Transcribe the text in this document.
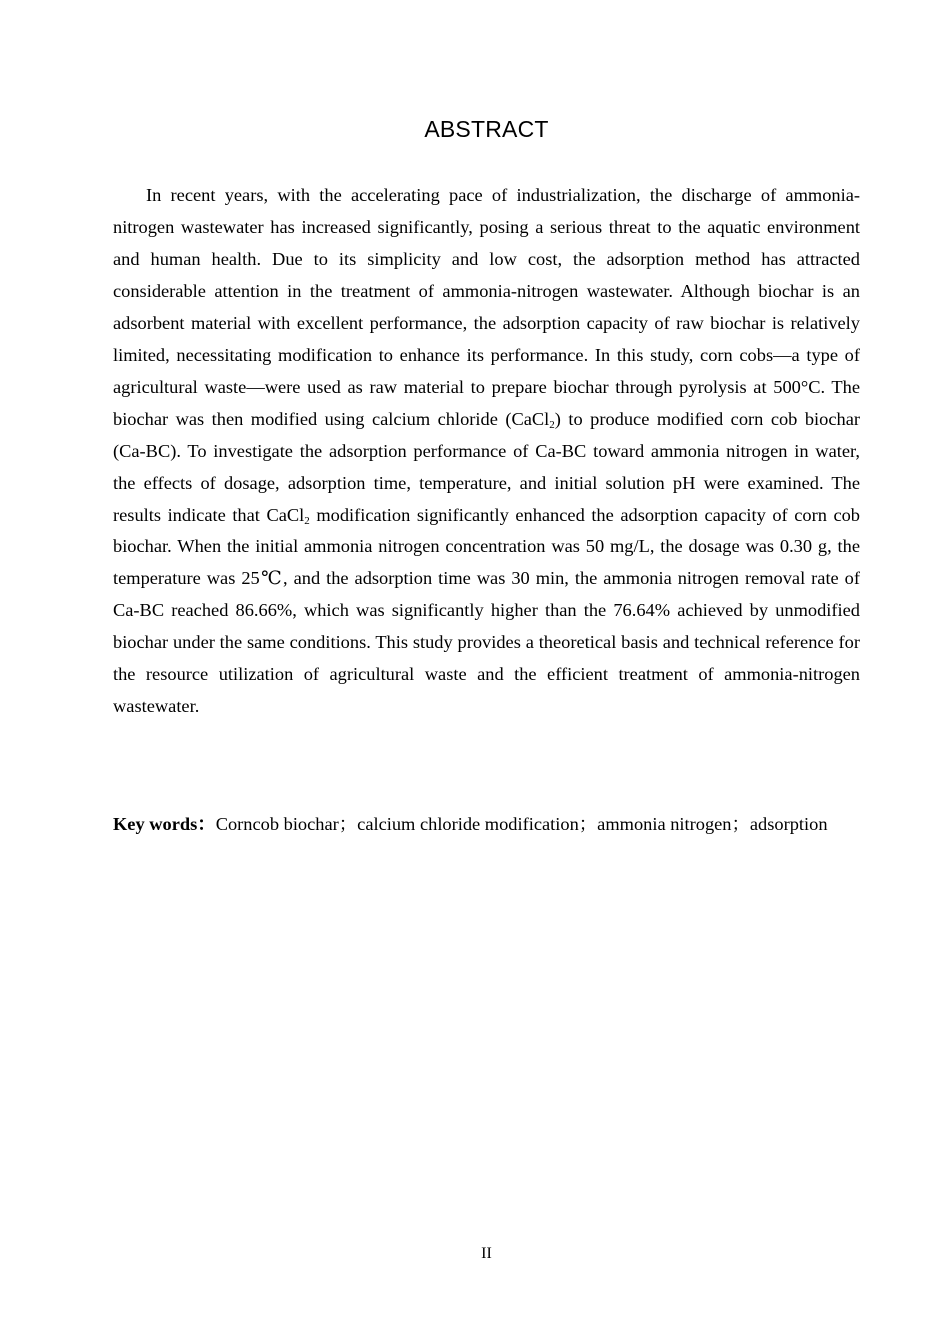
ABSTRACT

In recent years, with the accelerating pace of industrialization, the discharge of ammonia-nitrogen wastewater has increased significantly, posing a serious threat to the aquatic environment and human health. Due to its simplicity and low cost, the adsorption method has attracted considerable attention in the treatment of ammonia-nitrogen wastewater. Although biochar is an adsorbent material with excellent performance, the adsorption capacity of raw biochar is relatively limited, necessitating modification to enhance its performance. In this study, corn cobs—a type of agricultural waste—were used as raw material to prepare biochar through pyrolysis at 500°C. The biochar was then modified using calcium chloride (CaCl$_2$) to produce modified corn cob biochar (Ca-BC). To investigate the adsorption performance of Ca-BC toward ammonia nitrogen in water, the effects of dosage, adsorption time, temperature, and initial solution pH were examined. The results indicate that CaCl$_2$ modification significantly enhanced the adsorption capacity of corn cob biochar. When the initial ammonia nitrogen concentration was 50 mg/L, the dosage was 0.30 g, the temperature was 25℃, and the adsorption time was 30 min, the ammonia nitrogen removal rate of Ca-BC reached 86.66%, which was significantly higher than the 76.64% achieved by unmodified biochar under the same conditions. This study provides a theoretical basis and technical reference for the resource utilization of agricultural waste and the efficient treatment of ammonia-nitrogen wastewater.

Key words：Corncob biochar；calcium chloride modification；ammonia nitrogen；adsorption

II
